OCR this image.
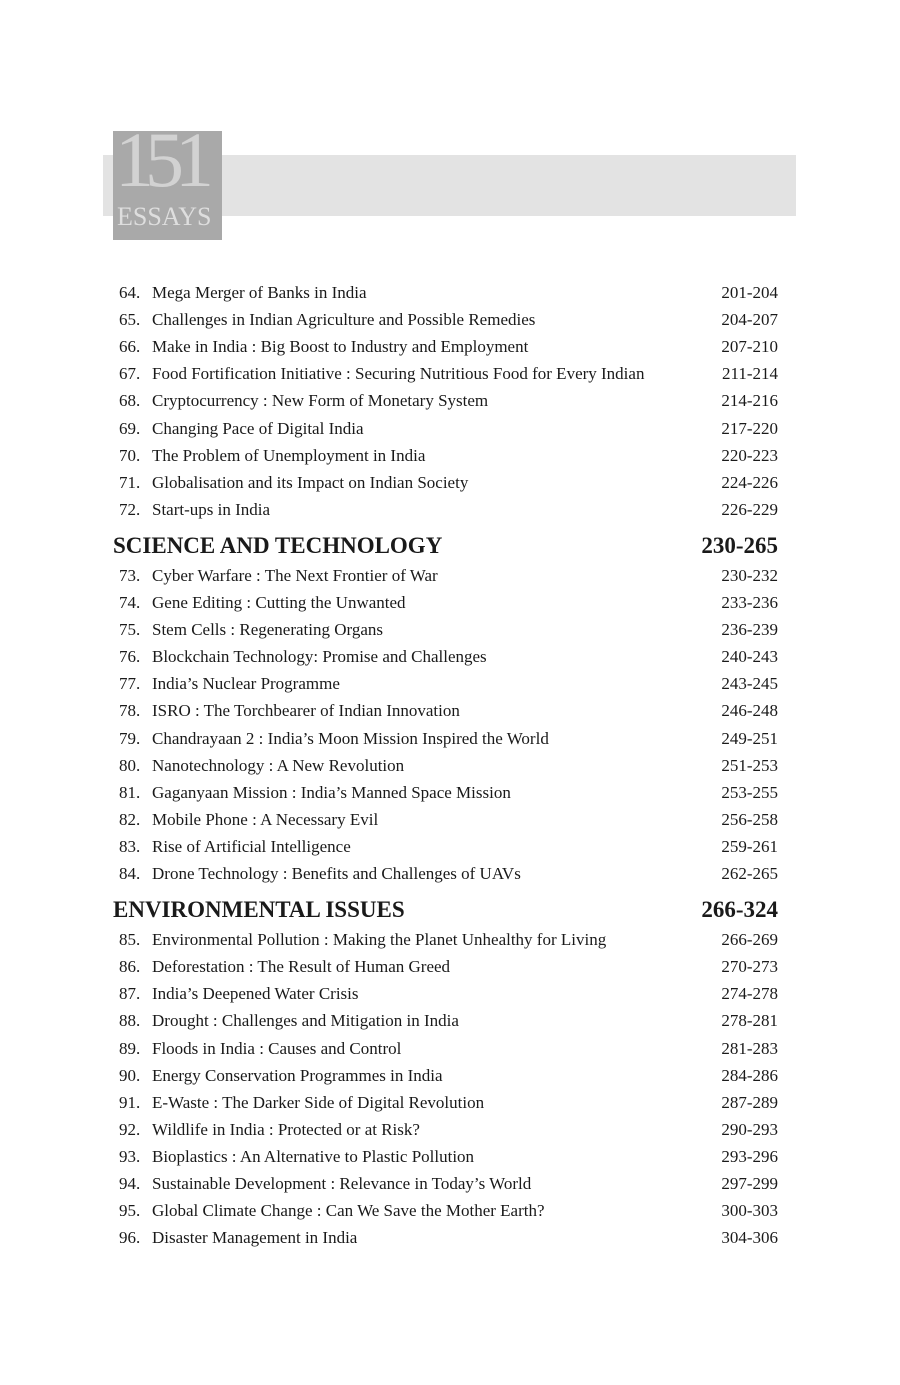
151
ESSAYS
64. Mega Merger of Banks in India	201-204
65. Challenges in Indian Agriculture and Possible Remedies	204-207
66. Make in India : Big Boost to Industry and Employment	207-210
67. Food Fortification Initiative : Securing Nutritious Food for Every Indian	211-214
68. Cryptocurrency : New Form of Monetary System	214-216
69. Changing Pace of Digital India	217-220
70. The Problem of Unemployment in India	220-223
71. Globalisation and its Impact on Indian Society	224-226
72. Start-ups in India	226-229
SCIENCE AND TECHNOLOGY	230-265
73. Cyber Warfare : The Next Frontier of War	230-232
74. Gene Editing : Cutting the Unwanted	233-236
75. Stem Cells : Regenerating Organs	236-239
76. Blockchain Technology: Promise and Challenges	240-243
77. India’s Nuclear Programme	243-245
78. ISRO : The Torchbearer of Indian Innovation	246-248
79. Chandrayaan 2 : India’s Moon Mission Inspired the World	249-251
80. Nanotechnology : A New Revolution	251-253
81. Gaganyaan Mission : India’s Manned Space Mission	253-255
82. Mobile Phone : A Necessary Evil	256-258
83. Rise of Artificial Intelligence	259-261
84. Drone Technology : Benefits and Challenges of UAVs	262-265
ENVIRONMENTAL ISSUES	266-324
85. Environmental Pollution : Making the Planet Unhealthy for Living	266-269
86. Deforestation : The Result of Human Greed	270-273
87. India’s Deepened Water Crisis	274-278
88. Drought : Challenges and Mitigation in India	278-281
89. Floods in India : Causes and Control	281-283
90. Energy Conservation Programmes in India	284-286
91. E-Waste : The Darker Side of Digital Revolution	287-289
92. Wildlife in India : Protected or at Risk?	290-293
93. Bioplastics : An Alternative to Plastic Pollution	293-296
94. Sustainable Development : Relevance in Today’s World	297-299
95. Global Climate Change : Can We Save the Mother Earth?	300-303
96. Disaster Management in India	304-306
